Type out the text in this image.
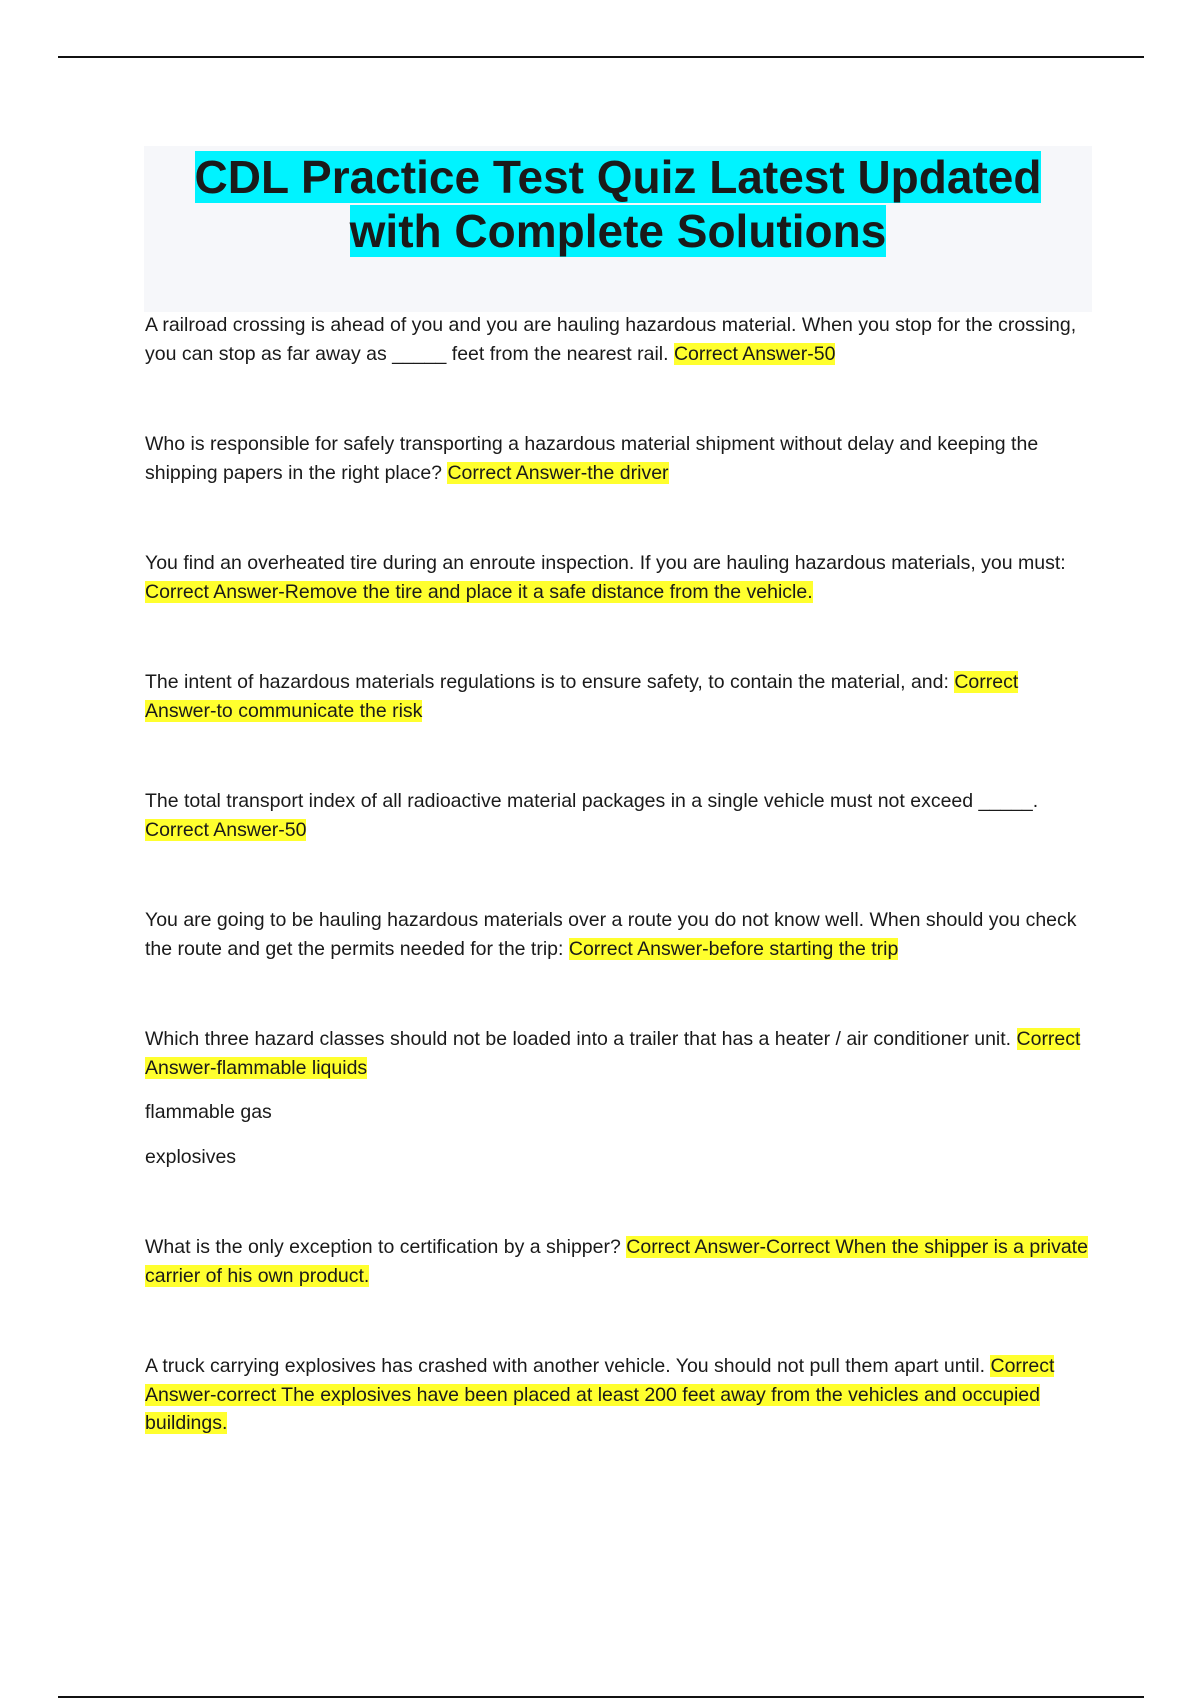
CDL Practice Test Quiz Latest Updated
with Complete Solutions

A railroad crossing is ahead of you and you are hauling hazardous material. When you stop for the crossing, you can stop as far away as _____ feet from the nearest rail. Correct Answer-50

Who is responsible for safely transporting a hazardous material shipment without delay and keeping the shipping papers in the right place? Correct Answer-the driver

You find an overheated tire during an enroute inspection. If you are hauling hazardous materials, you must: Correct Answer-Remove the tire and place it a safe distance from the vehicle.

The intent of hazardous materials regulations is to ensure safety, to contain the material, and: Correct Answer-to communicate the risk

The total transport index of all radioactive material packages in a single vehicle must not exceed _____. Correct Answer-50

You are going to be hauling hazardous materials over a route you do not know well. When should you check the route and get the permits needed for the trip: Correct Answer-before starting the trip

Which three hazard classes should not be loaded into a trailer that has a heater / air conditioner unit. Correct Answer-flammable liquids

flammable gas

explosives

What is the only exception to certification by a shipper? Correct Answer-Correct When the shipper is a private carrier of his own product.

A truck carrying explosives has crashed with another vehicle. You should not pull them apart until. Correct Answer-correct The explosives have been placed at least 200 feet away from the vehicles and occupied buildings.
